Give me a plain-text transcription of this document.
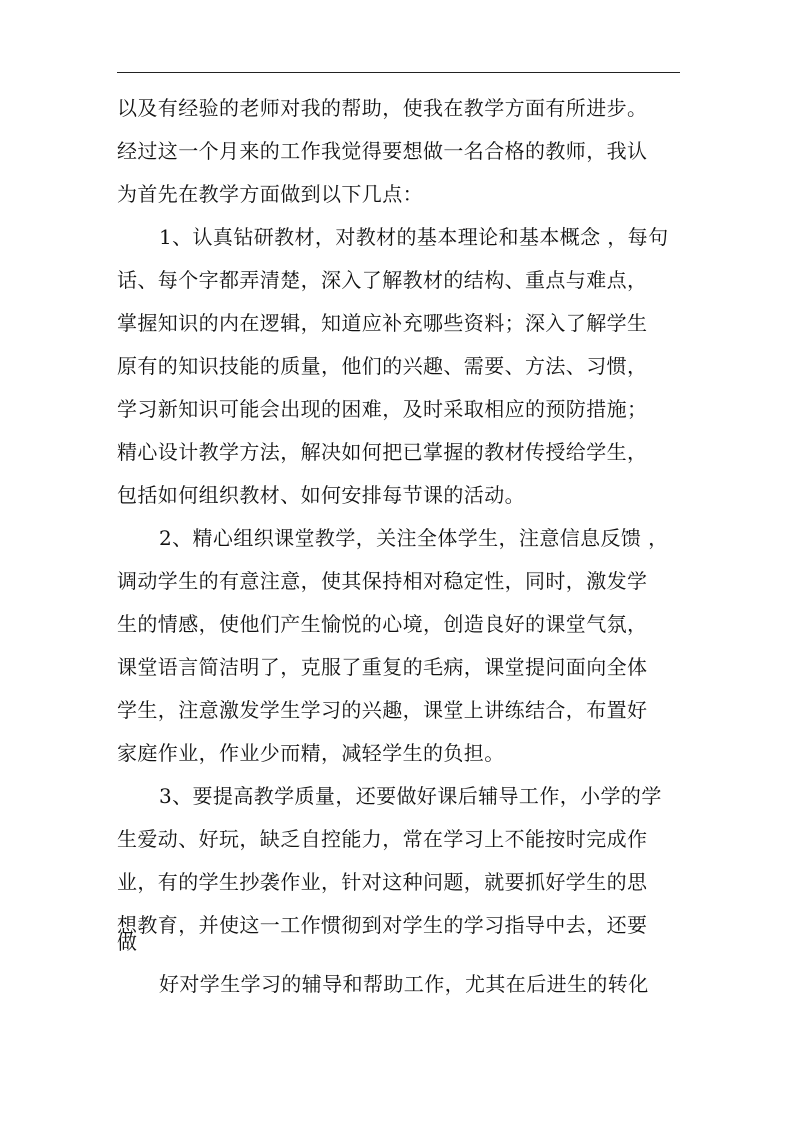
以及有经验的老师对我的帮助，使我在教学方面有所进步。
经过这一个月来的工作我觉得要想做一名合格的教师，我认
为首先在教学方面做到以下几点：
1、认真钻研教材，对教材的基本理论和基本概念 ，每句
话、每个字都弄清楚，深入了解教材的结构、重点与难点，
掌握知识的内在逻辑，知道应补充哪些资料；深入了解学生
原有的知识技能的质量，他们的兴趣、需要、方法、习惯，
学习新知识可能会出现的困难，及时采取相应的预防措施；
精心设计教学方法，解决如何把已掌握的教材传授给学生，
包括如何组织教材、如何安排每节课的活动。
2、精心组织课堂教学，关注全体学生，注意信息反馈 ，
调动学生的有意注意，使其保持相对稳定性，同时，激发学
生的情感，使他们产生愉悦的心境，创造良好的课堂气氛，
课堂语言简洁明了，克服了重复的毛病，课堂提问面向全体
学生，注意激发学生学习的兴趣，课堂上讲练结合，布置好
家庭作业，作业少而精，减轻学生的负担。
3、要提高教学质量，还要做好课后辅导工作，小学的学
生爱动、好玩，缺乏自控能力，常在学习上不能按时完成作
业，有的学生抄袭作业，针对这种问题，就要抓好学生的思
想教育，并使这一工作惯彻到对学生的学习指导中去，还要
做
好对学生学习的辅导和帮助工作，尤其在后进生的转化
